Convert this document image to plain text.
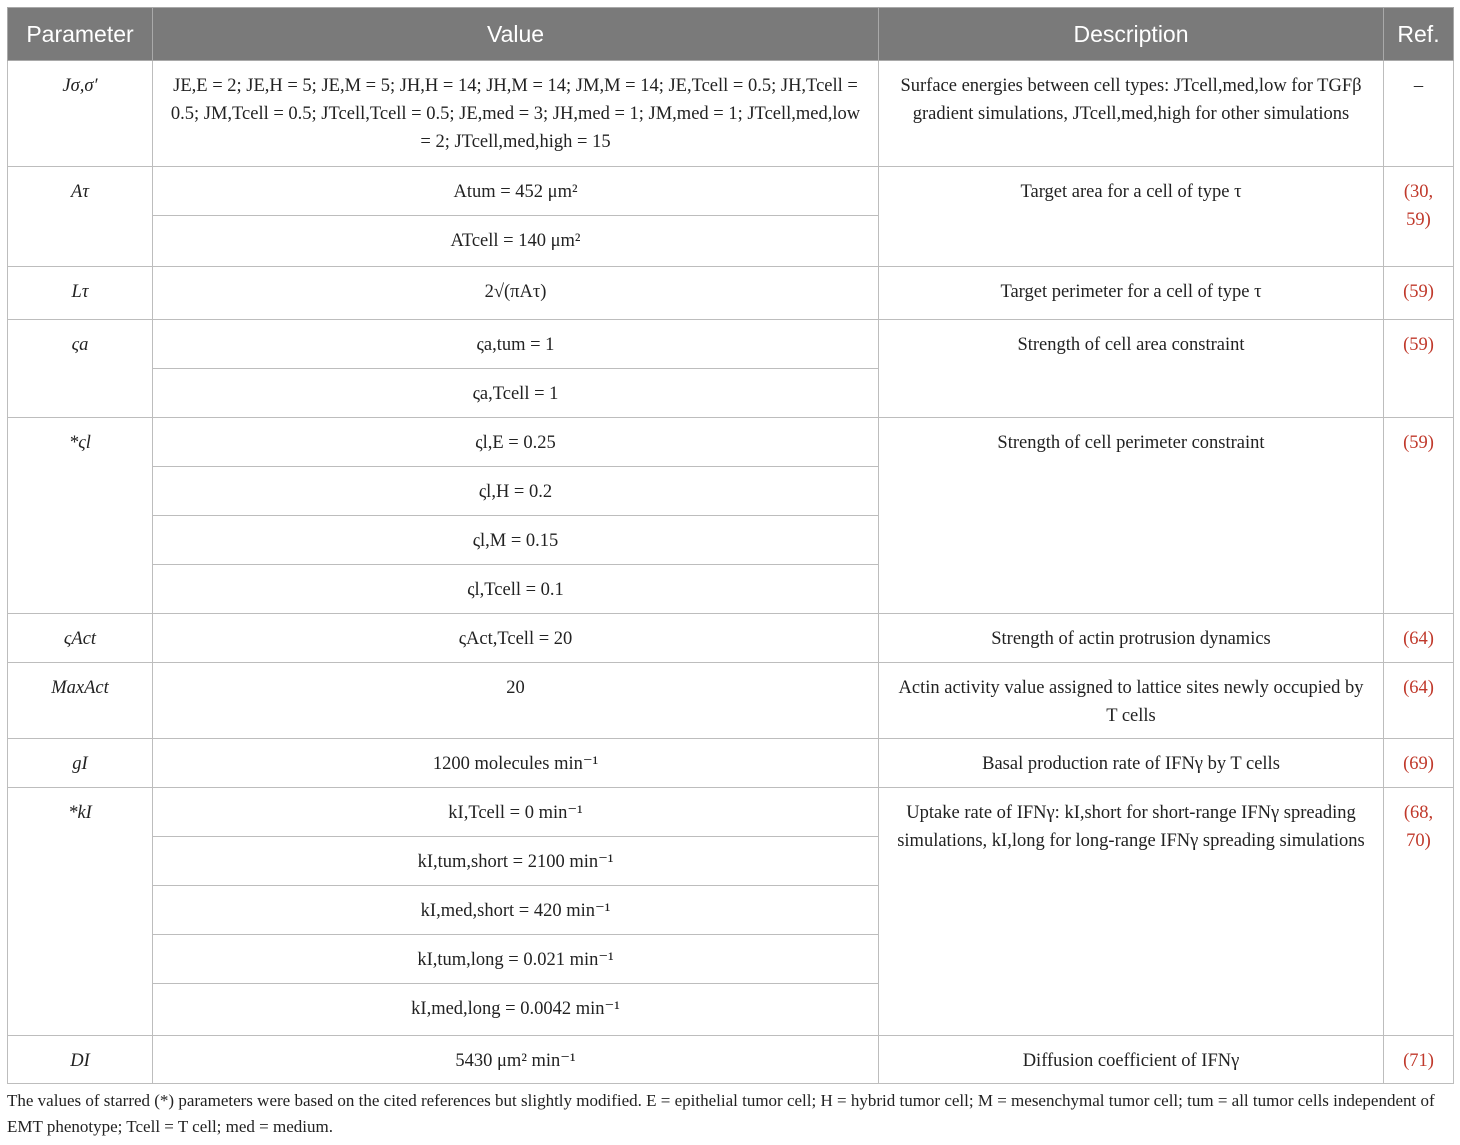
Parameter	Value	Description	Ref.
Jσ,σ′	JE,E = 2; JE,H = 5; JE,M = 5; JH,H = 14; JH,M = 14; JM,M = 14; JE,Tcell = 0.5; JH,Tcell = 0.5; JM,Tcell = 0.5; JTcell,Tcell = 0.5; JE,med = 3; JH,med = 1; JM,med = 1; JTcell,med,low = 2; JTcell,med,high = 15	Surface energies between cell types: JTcell,med,low for TGFβ gradient simulations, JTcell,med,high for other simulations	–
Aτ	Atum = 452 μm²	Target area for a cell of type τ	(30, 59)
	ATcell = 140 μm²		
Lτ	2√(πAτ)	Target perimeter for a cell of type τ	(59)
ςa	ςa,tum = 1	Strength of cell area constraint	(59)
	ςa,Tcell = 1		
*ςl	ςl,E = 0.25	Strength of cell perimeter constraint	(59)
	ςl,H = 0.2		
	ςl,M = 0.15		
	ςl,Tcell = 0.1		
ςAct	ςAct,Tcell = 20	Strength of actin protrusion dynamics	(64)
MaxAct	20	Actin activity value assigned to lattice sites newly occupied by T cells	(64)
gI	1200 molecules min⁻¹	Basal production rate of IFNγ by T cells	(69)
*kI	kI,Tcell = 0 min⁻¹	Uptake rate of IFNγ: kI,short for short-range IFNγ spreading simulations, kI,long for long-range IFNγ spreading simulations	(68, 70)
	kI,tum,short = 2100 min⁻¹		
	kI,med,short = 420 min⁻¹		
	kI,tum,long = 0.021 min⁻¹		
	kI,med,long = 0.0042 min⁻¹		
DI	5430 μm² min⁻¹	Diffusion coefficient of IFNγ	(71)
The values of starred (*) parameters were based on the cited references but slightly modified. E = epithelial tumor cell; H = hybrid tumor cell; M = mesenchymal tumor cell; tum = all tumor cells independent of EMT phenotype; Tcell = T cell; med = medium.
